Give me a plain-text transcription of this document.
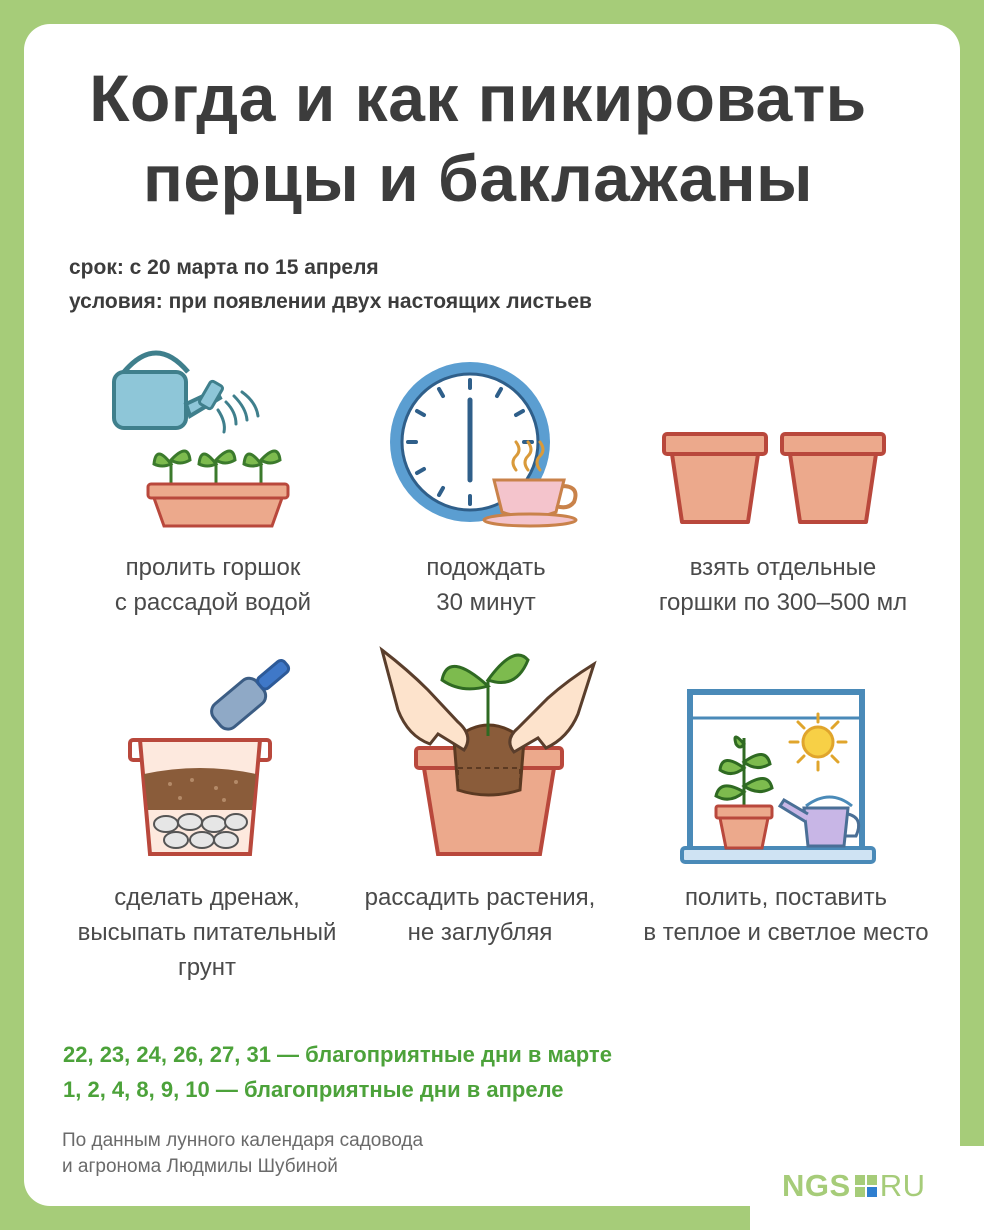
Когда и как пикировать
перцы и баклажаны
срок: с 20 марта по 15 апреля
условия: при появлении двух настоящих листьев
пролить горшок
с рассадой водой
подождать
30 минут
взять отдельные
горшки по 300–500 мл
сделать дренаж,
высыпать питательный
грунт
рассадить растения,
не заглубляя
полить, поставить
в теплое и светлое место
22, 23, 24, 26, 27, 31 — благоприятные дни в марте
1, 2, 4, 8, 9, 10 — благоприятные дни в апреле
По данным лунного календаря садовода
и агронома Людмилы Шубиной
NGS RU
